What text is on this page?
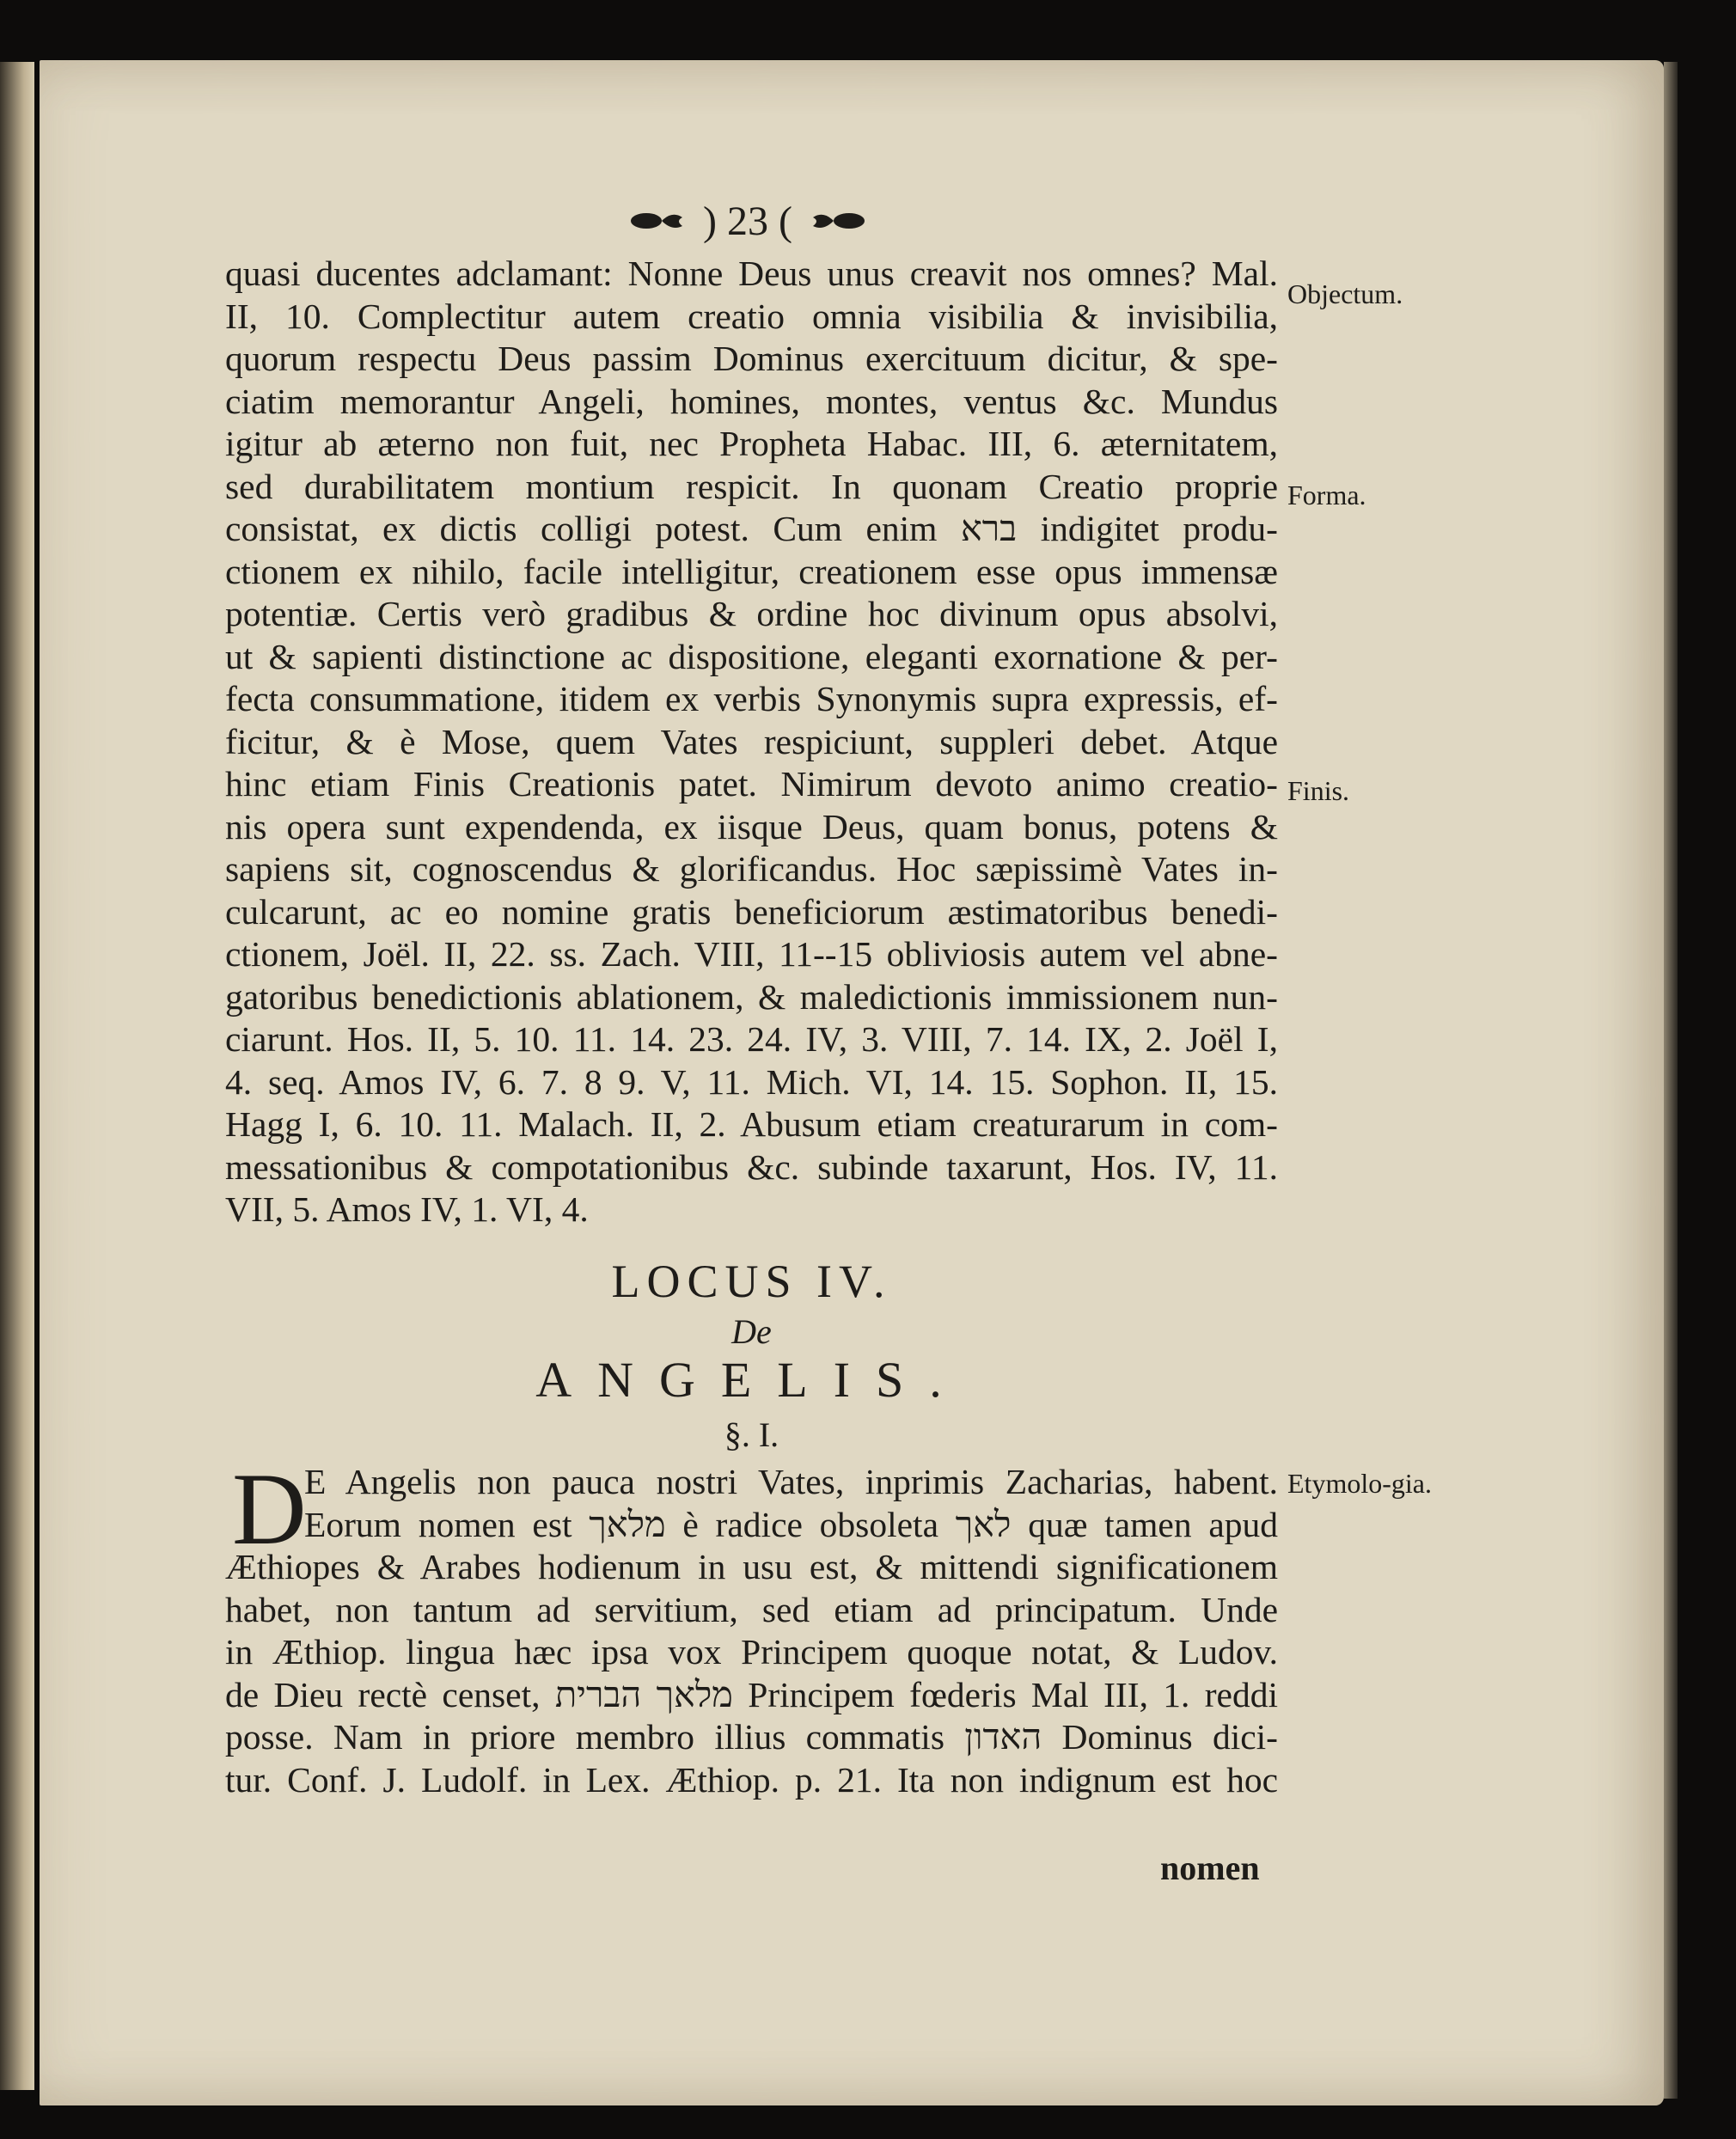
) 23 (
quasi ducentes adclamant: Nonne Deus unus creavit nos omnes? Mal.
II, 10. Complectitur autem creatio omnia visibilia & invisibilia,
quorum respectu Deus passim Dominus exercituum dicitur, & spe-
ciatim memorantur Angeli, homines, montes, ventus &c. Mundus
igitur ab æterno non fuit, nec Propheta Habac. III, 6. æternitatem,
sed durabilitatem montium respicit. In quonam Creatio proprie
consistat, ex dictis colligi potest. Cum enim ברא indigitet produ-
ctionem ex nihilo, facile intelligitur, creationem esse opus immensæ
potentiæ. Certis verò gradibus & ordine hoc divinum opus absolvi,
ut & sapienti distinctione ac dispositione, eleganti exornatione & per-
fecta consummatione, itidem ex verbis Synonymis supra expressis, ef-
ficitur, & è Mose, quem Vates respiciunt, suppleri debet. Atque
hinc etiam Finis Creationis patet. Nimirum devoto animo creatio-
nis opera sunt expendenda, ex iisque Deus, quam bonus, potens &
sapiens sit, cognoscendus & glorificandus. Hoc sæpissimè Vates in-
culcarunt, ac eo nomine gratis beneficiorum æstimatoribus benedi-
ctionem, Joël. II, 22. ss. Zach. VIII, 11--15 obliviosis autem vel abne-
gatoribus benedictionis ablationem, & maledictionis immissionem nun-
ciarunt. Hos. II, 5. 10. 11. 14. 23. 24. IV, 3. VIII, 7. 14. IX, 2. Joël I,
4. seq. Amos IV, 6. 7. 8 9. V, 11. Mich. VI, 14. 15. Sophon. II, 15.
Hagg I, 6. 10. 11. Malach. II, 2. Abusum etiam creaturarum in com-
messationibus & compotationibus &c. subinde taxarunt, Hos. IV, 11.
VII, 5. Amos IV, 1. VI, 4.
LOCUS IV.
De
ANGELIS.
§. I.
D
E Angelis non pauca nostri Vates, inprimis Zacharias, habent.
Eorum nomen est מלאך è radice obsoleta לאך quæ tamen apud
Æthiopes & Arabes hodienum in usu est, & mittendi significationem
habet, non tantum ad servitium, sed etiam ad principatum. Unde
in Æthiop. lingua hæc ipsa vox Principem quoque notat, & Ludov.
de Dieu rectè censet, מלאך הברית Principem fœderis Mal III, 1. reddi
posse. Nam in priore membro illius commatis האדון Dominus dici-
tur. Conf. J. Ludolf. in Lex. Æthiop. p. 21. Ita non indignum est hoc
nomen
Objectum.
Forma.
Finis.
Etymolo-gia.
